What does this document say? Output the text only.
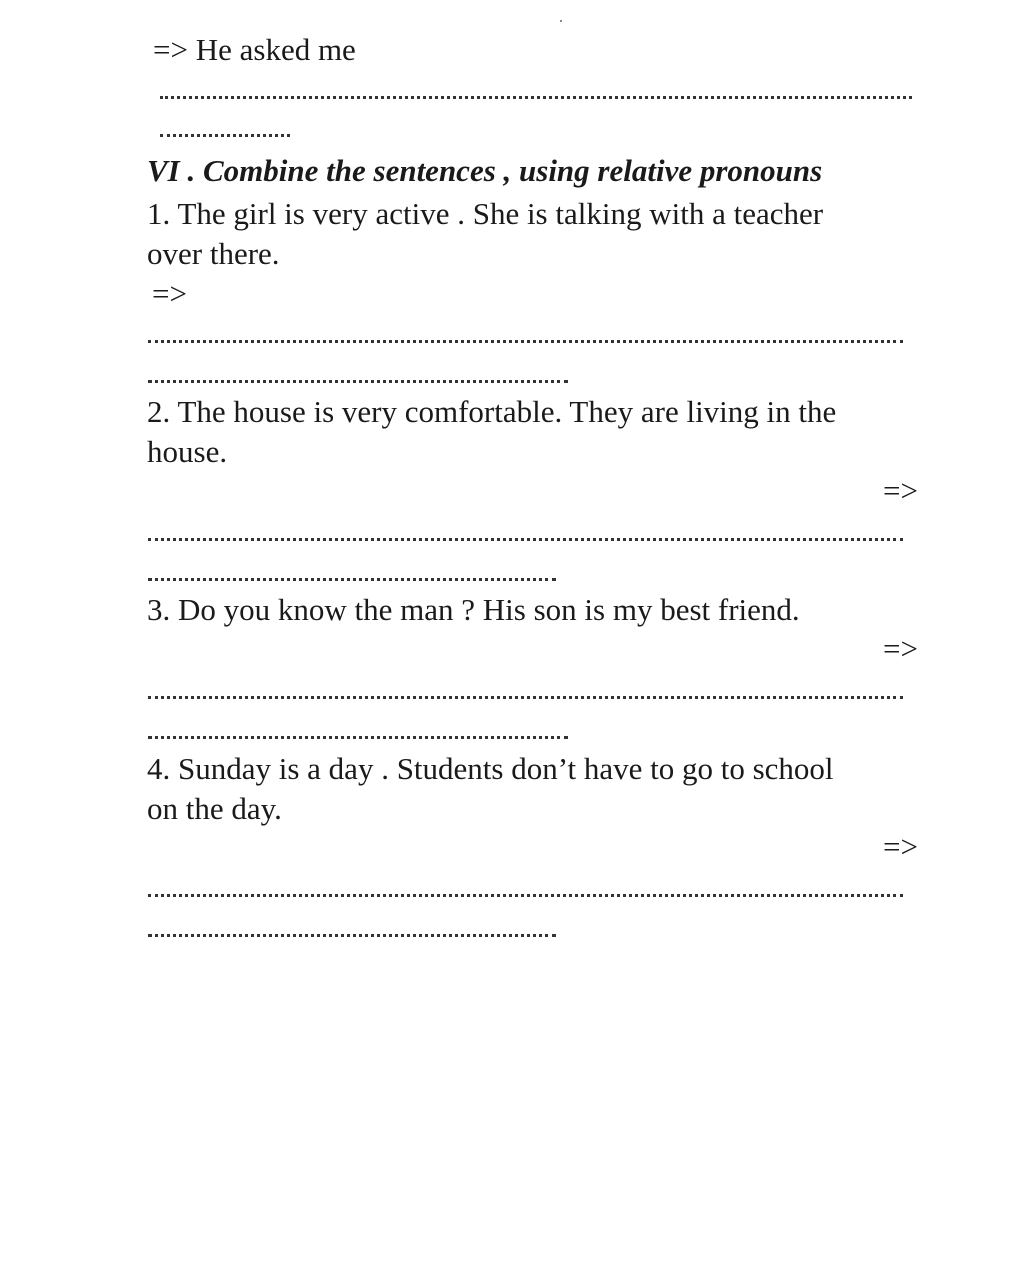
=> He asked me
VI . Combine the sentences , using relative pronouns
1. The girl is very active . She is talking with a teacher
over there.
=>
2. The house is very comfortable. They are living in the
house.
=>
3. Do you know the man ? His son is my best friend.
=>
4. Sunday is a day . Students don’t have to go to school
on the day.
=>
